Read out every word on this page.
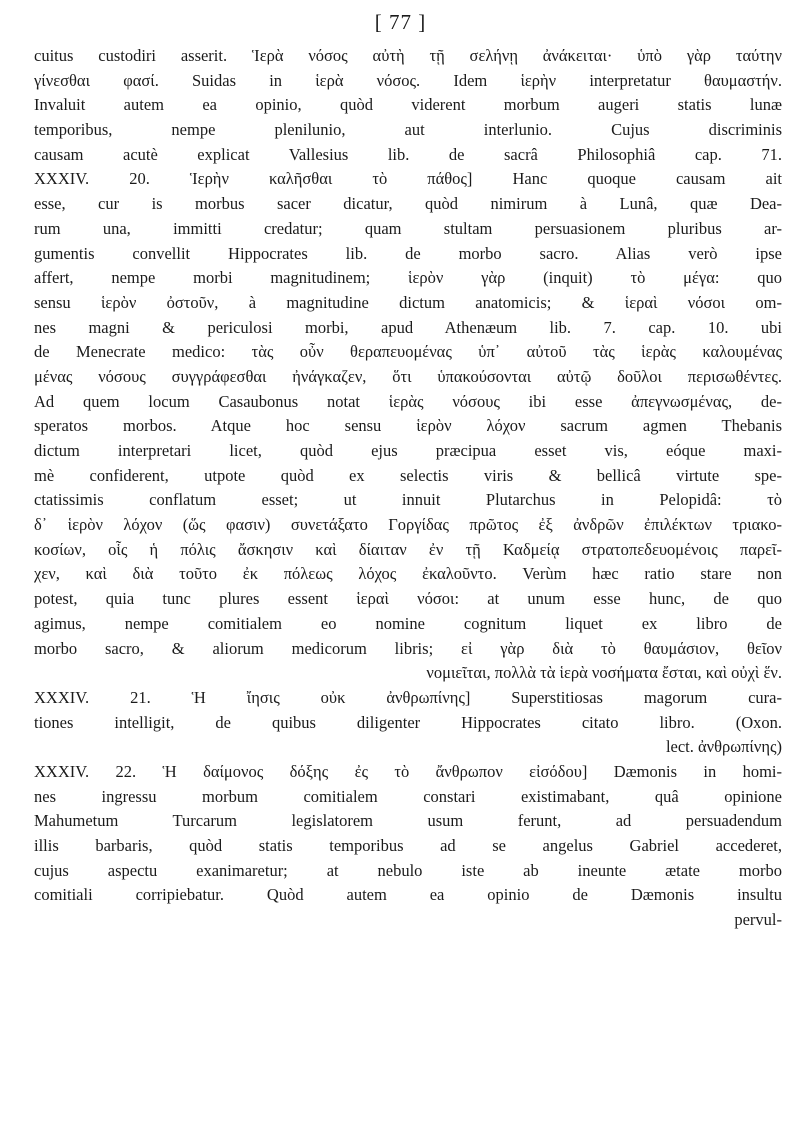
[ 77 ]
cuitus custodiri asserit. Ἱερὰ νόσος αὐτὴ τῇ σελήνῃ ἀνάκειται· ὑπὸ γὰρ ταύτην
γίνεσθαι φασί. Suidas in ἱερὰ νόσος. Idem ἱερὴν interpretatur θαυμαστήν.
Invaluit autem ea opinio, quòd viderent morbum augeri statis lunæ
temporibus, nempe plenilunio, aut interlunio. Cujus discriminis
causam acutè explicat Vallesius lib. de sacrâ Philosophiâ cap. 71.
XXXIV. 20. Ἱερὴν καλῆσθαι τὸ πάθος] Hanc quoque causam ait
esse, cur is morbus sacer dicatur, quòd nimirum à Lunâ, quæ Dea-
rum una, immitti credatur; quam stultam persuasionem pluribus ar-
gumentis convellit Hippocrates lib. de morbo sacro. Alias verò ipse
affert, nempe morbi magnitudinem; ἱερὸν γὰρ (inquit) τὸ μέγα: quo
sensu ἱερὸν ὀστοῦν, à magnitudine dictum anatomicis; & ἱεραὶ νόσοι om-
nes magni & periculosi morbi, apud Athenæum lib. 7. cap. 10. ubi
de Menecrate medico: τὰς οὖν θεραπευομένας ὑπ᾽ αὐτοῦ τὰς ἱερὰς καλουμένας
μένας νόσους συγγράφεσθαι ἠνάγκαζεν, ὅτι ὑπακούσονται αὐτῷ δοῦλοι περισωθέντες.
Ad quem locum Casaubonus notat ἱερὰς νόσους ibi esse ἀπεγνωσμένας, de-
speratos morbos. Atque hoc sensu ἱερὸν λόχον sacrum agmen Thebanis
dictum interpretari licet, quòd ejus præcipua esset vis, eóque maxi-
mè confiderent, utpote quòd ex selectis viris & bellicâ virtute spe-
ctatissimis conflatum esset; ut innuit Plutarchus in Pelopidâ: τὸ
δ᾽ ἱερὸν λόχον (ὥς φασιν) συνετάξατο Γοργίδας πρῶτος ἐξ ἀνδρῶν ἐπιλέκτων τριακο-
κοσίων, οἷς ἡ πόλις ἄσκησιν καὶ δίαιταν ἐν τῇ Καδμείᾳ στρατοπεδευομένοις παρεῖ-
χεν, καὶ διὰ τοῦτο ἐκ πόλεως λόχος ἐκαλοῦντο. Verùm hæc ratio stare non
potest, quia tunc plures essent ἱεραὶ νόσοι: at unum esse hunc, de quo
agimus, nempe comitialem eo nomine cognitum liquet ex libro de
morbo sacro, & aliorum medicorum libris; εἰ γὰρ διὰ τὸ θαυμάσιον, θεῖον
νομιεῖται, πολλὰ τὰ ἱερὰ νοσήματα ἔσται, καὶ οὐχὶ ἕν.
XXXIV. 21. Ἡ ἴησις οὐκ ἀνθρωπίνης] Superstitiosas magorum cura-
tiones intelligit, de quibus diligenter Hippocrates citato libro. (Oxon.
lect. ἀνθρωπίνης)
XXXIV. 22. Ἡ δαίμονος δόξης ἐς τὸ ἄνθρωπον εἰσόδου] Dæmonis in homi-
nes ingressu morbum comitialem constari existimabant, quâ opinione
Mahumetum Turcarum legislatorem usum ferunt, ad persuadendum
illis barbaris, quòd statis temporibus ad se angelus Gabriel accederet,
cujus aspectu exanimaretur; at nebulo iste ab ineunte ætate morbo
comitiali corripiebatur. Quòd autem ea opinio de Dæmonis insultu
pervul-
